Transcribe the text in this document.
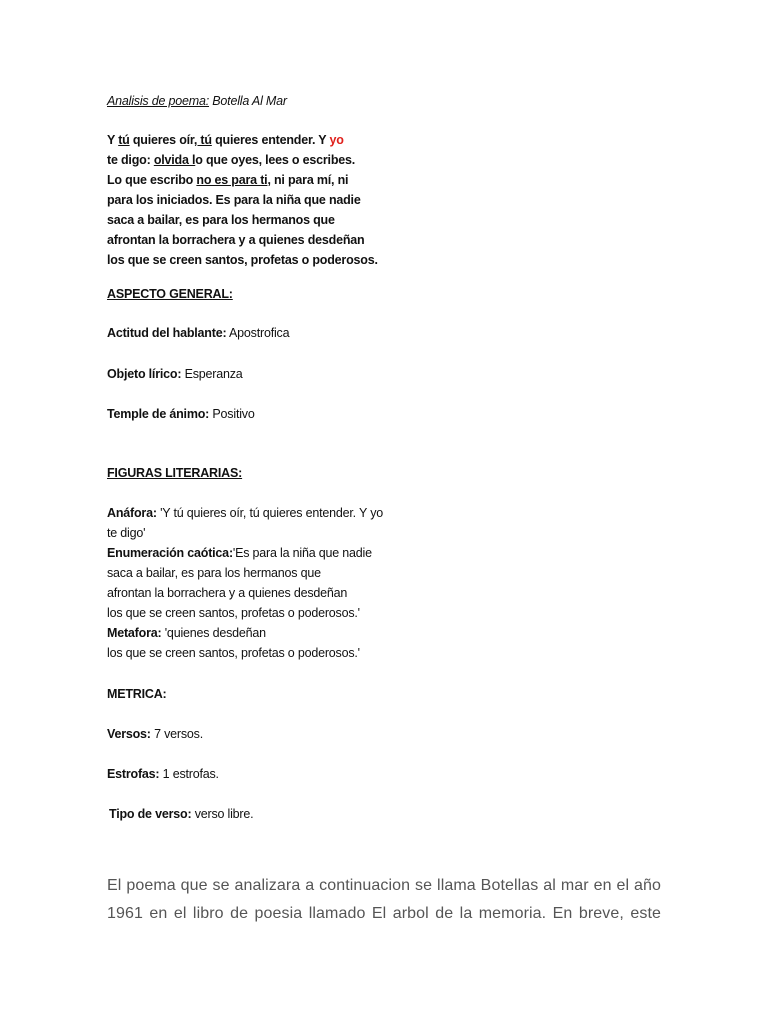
Analisis de poema: Botella Al Mar
Y tú quieres oír, tú quieres entender. Y yo
te digo: olvida lo que oyes, lees o escribes.
Lo que escribo no es para ti, ni para mí, ni
para los iniciados. Es para la niña que nadie
saca a bailar, es para los hermanos que
afrontan la borrachera y a quienes desdeñan
los que se creen santos, profetas o poderosos.
ASPECTO GENERAL:
Actitud del hablante: Apostrofica
Objeto lírico: Esperanza
Temple de ánimo: Positivo
FIGURAS LITERARIAS:
Anáfora: 'Y tú quieres oír, tú quieres entender. Y yo
te digo'
Enumeración caótica:'Es para la niña que nadie
saca a bailar, es para los hermanos que
afrontan la borrachera y a quienes desdeñan
los que se creen santos, profetas o poderosos.'
Metafora: 'quienes desdeñan
los que se creen santos, profetas o poderosos.'
METRICA:
Versos: 7 versos.
Estrofas: 1 estrofas.
Tipo de verso: verso libre.
El poema que se analizara a continuacion se llama Botellas al mar en el año 1961 en el libro de poesia llamado El arbol de la memoria. En breve, este
